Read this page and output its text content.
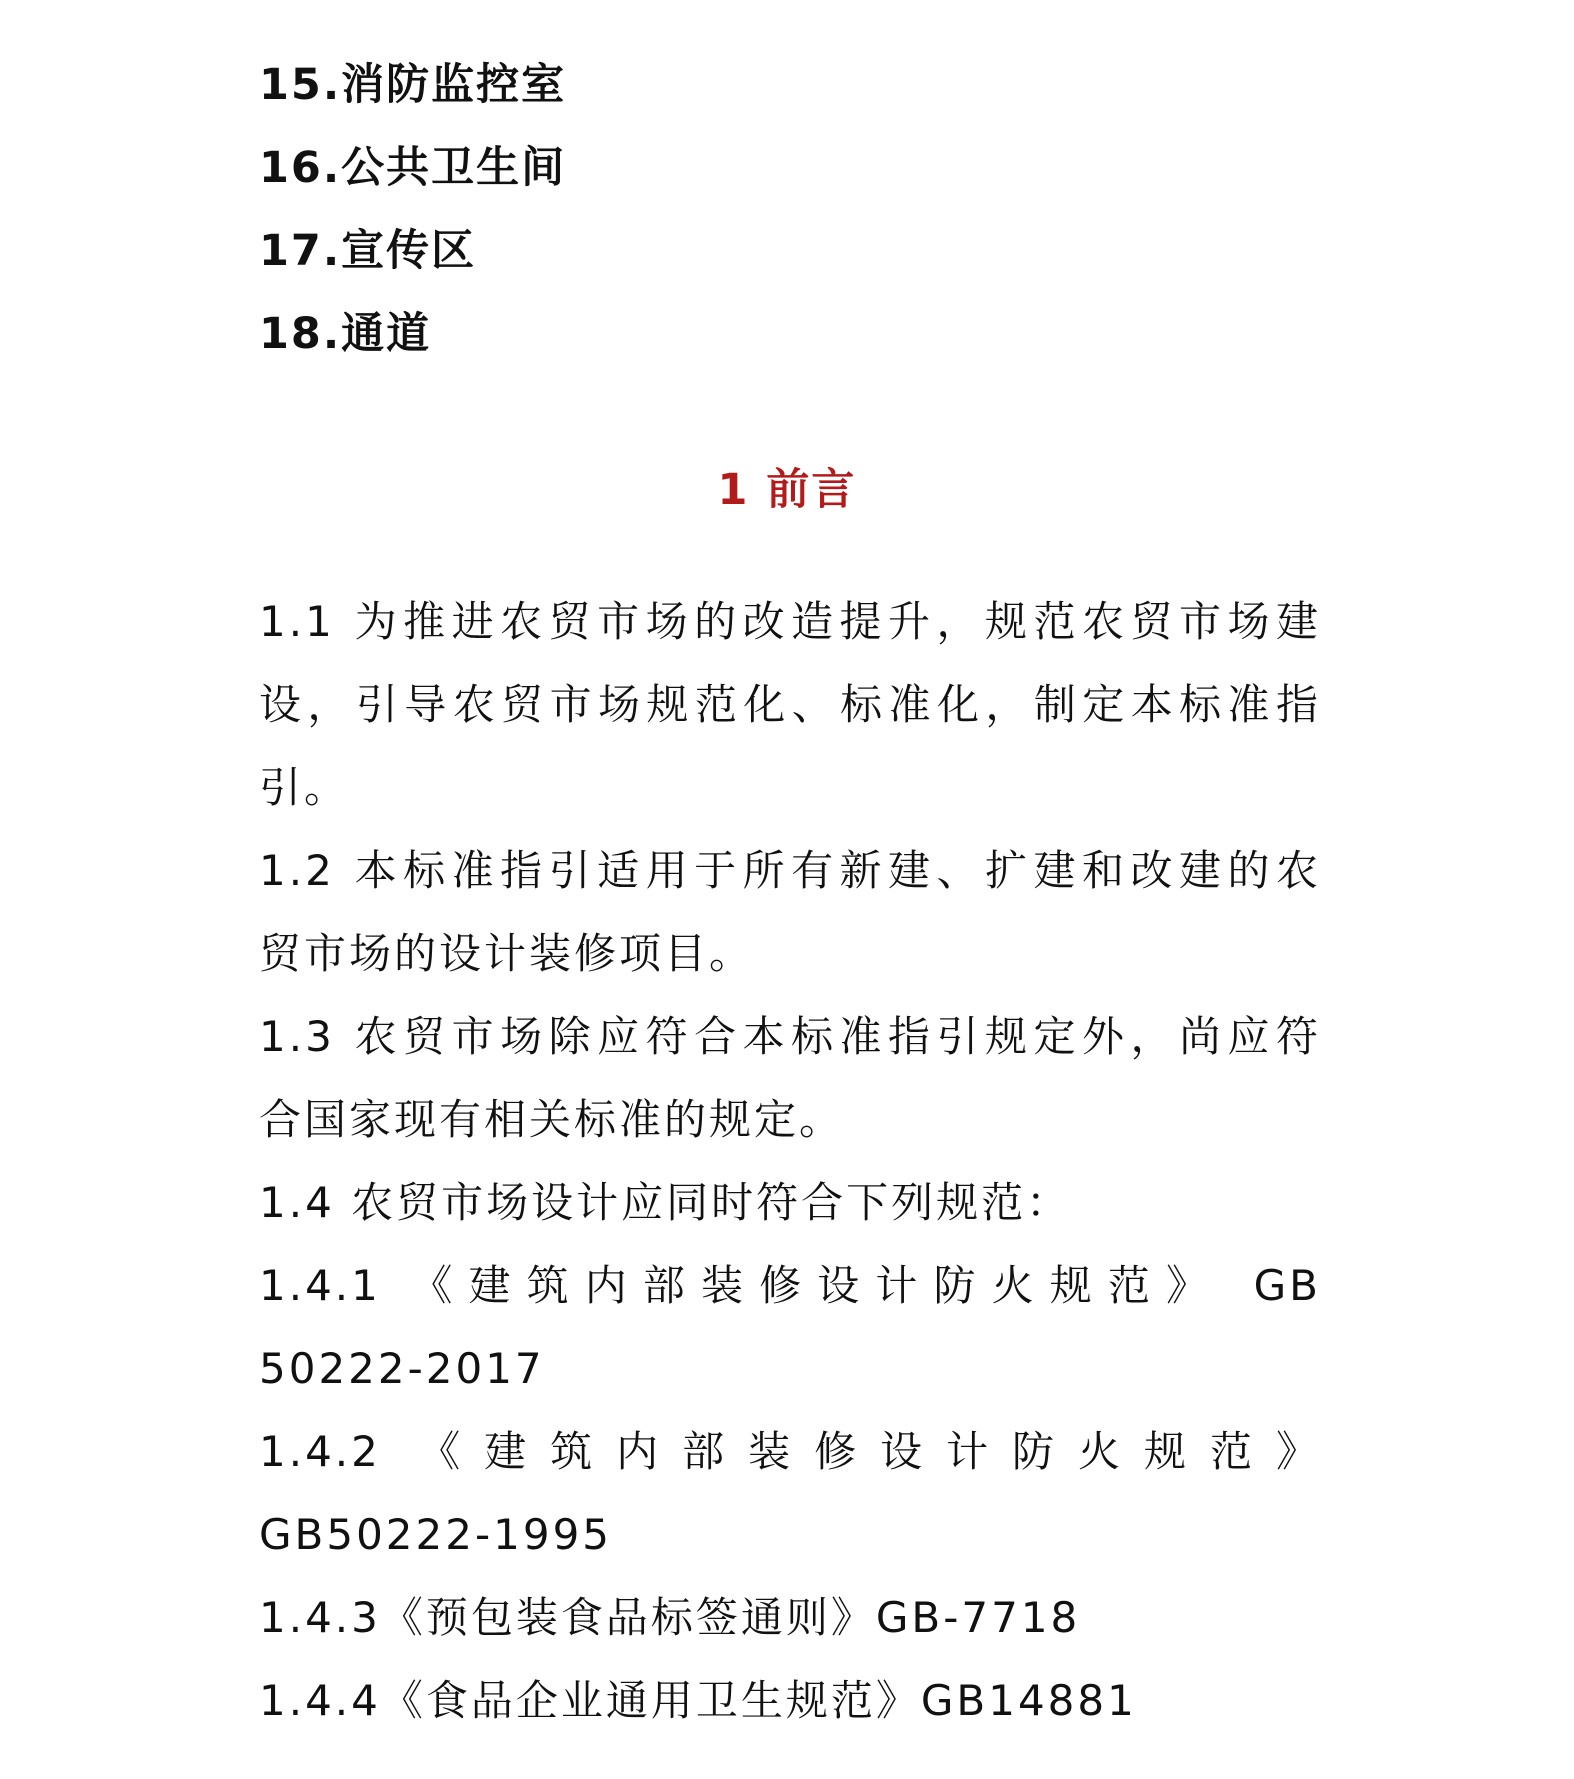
15.消防监控室
16.公共卫生间
17.宣传区
18.通道
1 前言
1.1 为推进农贸市场的改造提升，规范农贸市场建
设，引导农贸市场规范化、标准化，制定本标准指
引。
1.2 本标准指引适用于所有新建、扩建和改建的农
贸市场的设计装修项目。
1.3 农贸市场除应符合本标准指引规定外，尚应符
合国家现有相关标准的规定。
1.4 农贸市场设计应同时符合下列规范：
1.4.1 《建筑内部装修设计防火规范》 GB
50222-2017
1.4.2 《建筑内部装修设计防火规范》
GB50222-1995
1.4.3《预包装食品标签通则》GB-7718
1.4.4《食品企业通用卫生规范》GB14881
